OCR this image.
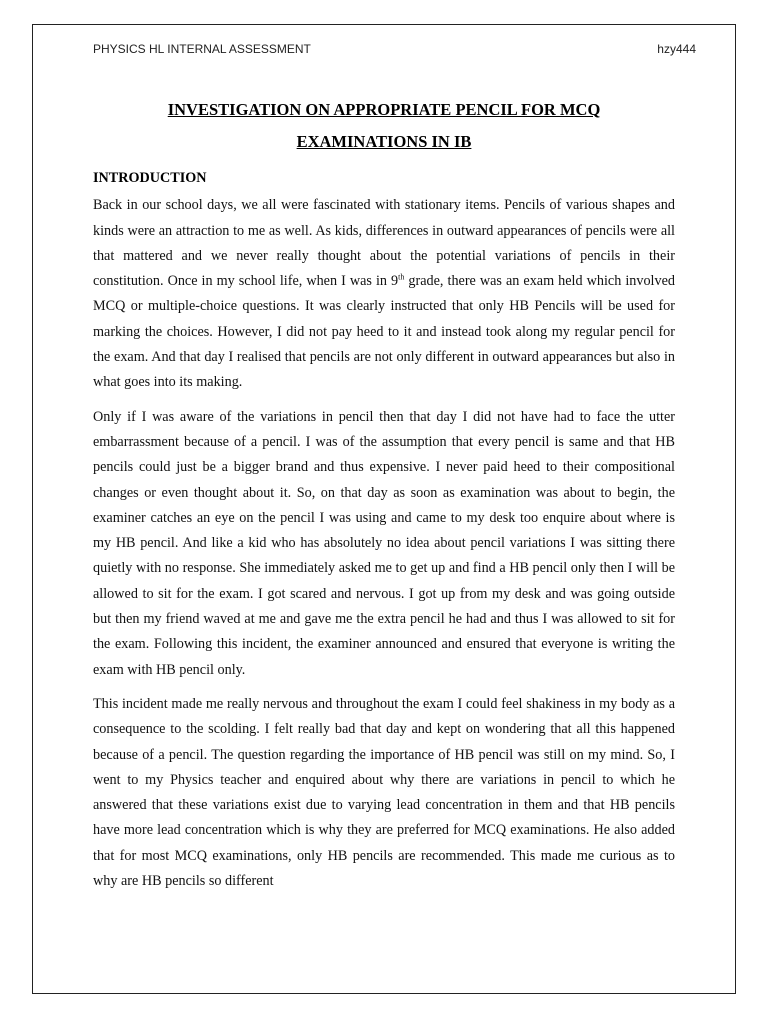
PHYSICS HL INTERNAL ASSESSMENT	hzy444
INVESTIGATION ON APPROPRIATE PENCIL FOR MCQ
EXAMINATIONS IN IB
INTRODUCTION

Back in our school days, we all were fascinated with stationary items. Pencils of various shapes and kinds were an attraction to me as well. As kids, differences in outward appearances of pencils were all that mattered and we never really thought about the potential variations of pencils in their constitution. Once in my school life, when I was in 9th grade, there was an exam held which involved MCQ or multiple-choice questions. It was clearly instructed that only HB Pencils will be used for marking the choices. However, I did not pay heed to it and instead took along my regular pencil for the exam. And that day I realised that pencils are not only different in outward appearances but also in what goes into its making.

Only if I was aware of the variations in pencil then that day I did not have had to face the utter embarrassment because of a pencil. I was of the assumption that every pencil is same and that HB pencils could just be a bigger brand and thus expensive. I never paid heed to their compositional changes or even thought about it. So, on that day as soon as examination was about to begin, the examiner catches an eye on the pencil I was using and came to my desk too enquire about where is my HB pencil. And like a kid who has absolutely no idea about pencil variations I was sitting there quietly with no response. She immediately asked me to get up and find a HB pencil only then I will be allowed to sit for the exam. I got scared and nervous. I got up from my desk and was going outside but then my friend waved at me and gave me the extra pencil he had and thus I was allowed to sit for the exam. Following this incident, the examiner announced and ensured that everyone is writing the exam with HB pencil only.

This incident made me really nervous and throughout the exam I could feel shakiness in my body as a consequence to the scolding. I felt really bad that day and kept on wondering that all this happened because of a pencil. The question regarding the importance of HB pencil was still on my mind. So, I went to my Physics teacher and enquired about why there are variations in pencil to which he answered that these variations exist due to varying lead concentration in them and that HB pencils have more lead concentration which is why they are preferred for MCQ examinations. He also added that for most MCQ examinations, only HB pencils are recommended. This made me curious as to why are HB pencils so different
